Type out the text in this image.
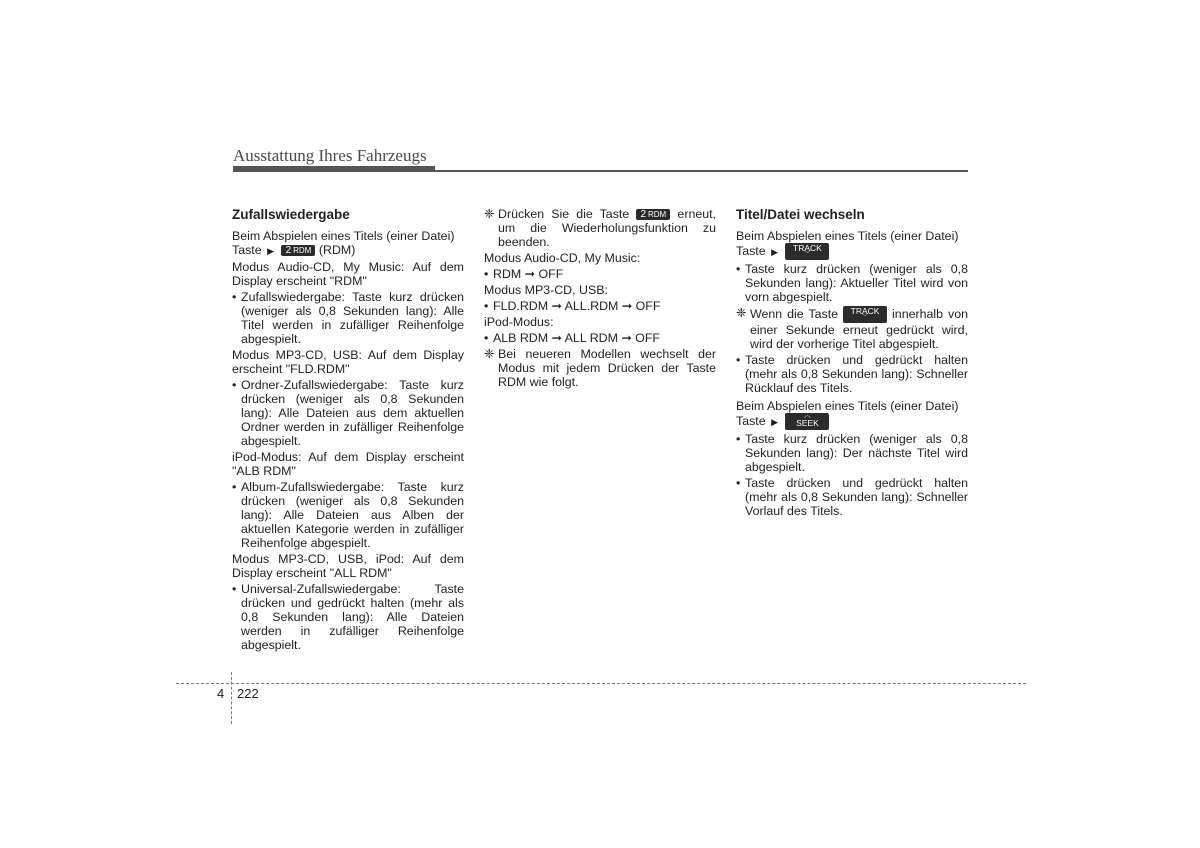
Ausstattung Ihres Fahrzeugs
Zufallswiedergabe
Beim Abspielen eines Titels (einer Datei)
Taste ▶ 2 RDM (RDM)
Modus Audio-CD, My Music: Auf dem Display erscheint "RDM"
• Zufallswiedergabe: Taste kurz drücken (weniger als 0,8 Sekunden lang): Alle Titel werden in zufälliger Reihenfolge abgespielt.
Modus MP3-CD, USB: Auf dem Display erscheint "FLD.RDM"
• Ordner-Zufallswiedergabe: Taste kurz drücken (weniger als 0,8 Sekunden lang): Alle Dateien aus dem aktuellen Ordner werden in zufälliger Reihenfolge abgespielt.
iPod-Modus: Auf dem Display erscheint "ALB RDM"
• Album-Zufallswiedergabe: Taste kurz drücken (weniger als 0,8 Sekunden lang): Alle Dateien aus Alben der aktuellen Kategorie werden in zufälliger Reihenfolge abgespielt.
Modus MP3-CD, USB, iPod: Auf dem Display erscheint "ALL RDM"
• Universal-Zufallswiedergabe: Taste drücken und gedrückt halten (mehr als 0,8 Sekunden lang): Alle Dateien werden in zufälliger Reihenfolge abgespielt.
❈ Drücken Sie die Taste 2 RDM erneut, um die Wiederholungsfunktion zu beenden.
Modus Audio-CD, My Music:
• RDM ➞ OFF
Modus MP3-CD, USB:
• FLD.RDM ➞ ALL.RDM ➞ OFF
iPod-Modus:
• ALB RDM ➞ ALL RDM ➞ OFF
❈ Bei neueren Modellen wechselt der Modus mit jedem Drücken der Taste RDM wie folgt.
Titel/Datei wechseln
Beim Abspielen eines Titels (einer Datei)
Taste ▶ TRACK
﹀
• Taste kurz drücken (weniger als 0,8 Sekunden lang): Aktueller Titel wird von vorn abgespielt.
❈ Wenn die Taste TRACK
﹀	innerhalb von einer Sekunde erneut gedrückt wird, wird der vorherige Titel abgespielt.
• Taste drücken und gedrückt halten (mehr als 0,8 Sekunden lang): Schneller Rücklauf des Titels.
Beim Abspielen eines Titels (einer Datei)
Taste ▶
︿
SEEK
• Taste kurz drücken (weniger als 0,8 Sekunden lang): Der nächste Titel wird abgespielt.
• Taste drücken und gedrückt halten (mehr als 0,8 Sekunden lang): Schneller Vorlauf des Titels.
4 222
